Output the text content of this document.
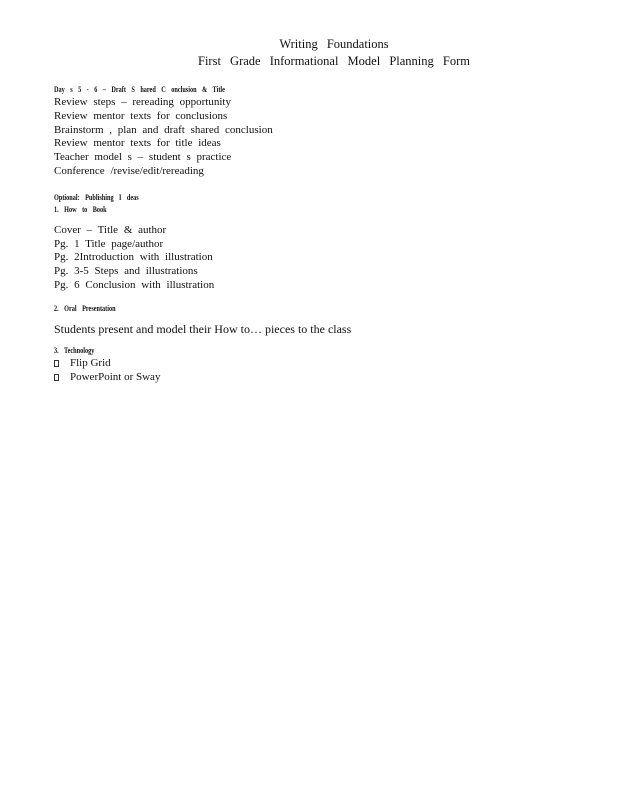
Writing Foundations
First Grade Informational Model Planning Form
Day s 5 - 6 – Draft S hared C onclusion & Title
Review steps – rereading opportunity
Review mentor texts for conclusions
Brainstorm , plan and draft shared conclusion
Review mentor texts for title ideas
Teacher model s – student s practice
Conference /revise/edit/rereading
Optional: Publishing I deas
1. How to Book
Cover – Title & author
Pg. 1 Title page/author
Pg. 2Introduction with illustration
Pg. 3-5 Steps and illustrations
Pg. 6 Conclusion with illustration
2. Oral Presentation
Students present and model their How to… pieces to the class
3. Technology
Flip Grid
PowerPoint or Sway
